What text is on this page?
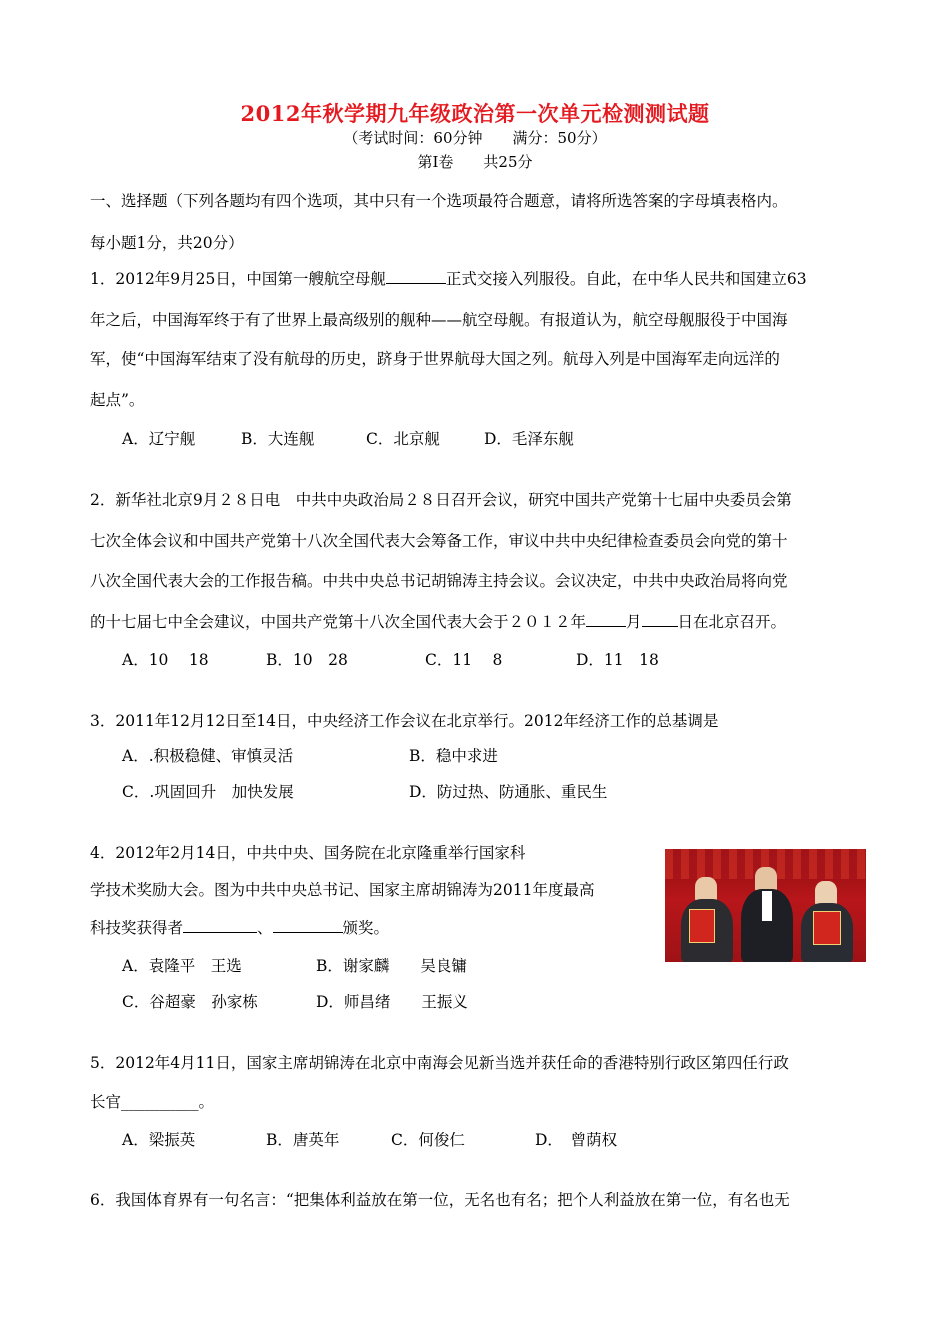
2012年秋学期九年级政治第一次单元检测测试题
（考试时间：60分钟　　满分：50分）
第Ⅰ卷　　共25分
一、选择题（下列各题均有四个选项，其中只有一个选项最符合题意，请将所选答案的字母填表格内。
每小题1分，共20分）
1．2012年9月25日，中国第一艘航空母舰	正式交接入列服役。自此，在中华人民共和国建立63
年之后，中国海军终于有了世界上最高级别的舰种——航空母舰。有报道认为，航空母舰服役于中国海
军，使“中国海军结束了没有航母的历史，跻身于世界航母大国之列。航母入列是中国海军走向远洋的
起点”。
A．辽宁舰	B．大连舰	C．北京舰	D．毛泽东舰
2．新华社北京9月２８日电　中共中央政治局２８日召开会议，研究中国共产党第十七届中央委员会第
七次全体会议和中国共产党第十八次全国代表大会筹备工作，审议中共中央纪律检查委员会向党的第十
八次全国代表大会的工作报告稿。中共中央总书记胡锦涛主持会议。会议决定，中共中央政治局将向党
的十七届七中全会建议，中国共产党第十八次全国代表大会于２０１２年	月 日在北京召开。
A．10　 18	B．10　28	C．11　 8	D．11　18
3．2011年12月12日至14日，中央经济工作会议在北京举行。2012年经济工作的总基调是
A．.积极稳健、审慎灵活	B．稳中求进
C．.巩固回升　加快发展	D．防过热、防通胀、重民生
4．2012年2月14日，中共中央、国务院在北京隆重举行国家科
学技术奖励大会。图为中共中央总书记、国家主席胡锦涛为2011年度最高
科技奖获得者	、	颁奖。
A．袁隆平　王选	B．谢家麟　　吴良镛
C．谷超豪　孙家栋	D．师昌绪　　王振义
5．2012年4月11日，国家主席胡锦涛在北京中南海会见新当选并获任命的香港特别行政区第四任行政
长官__________。
A．梁振英	B．唐英年	C．何俊仁	D．　曾荫权
6．我国体育界有一句名言：“把集体利益放在第一位，无名也有名；把个人利益放在第一位，有名也无
